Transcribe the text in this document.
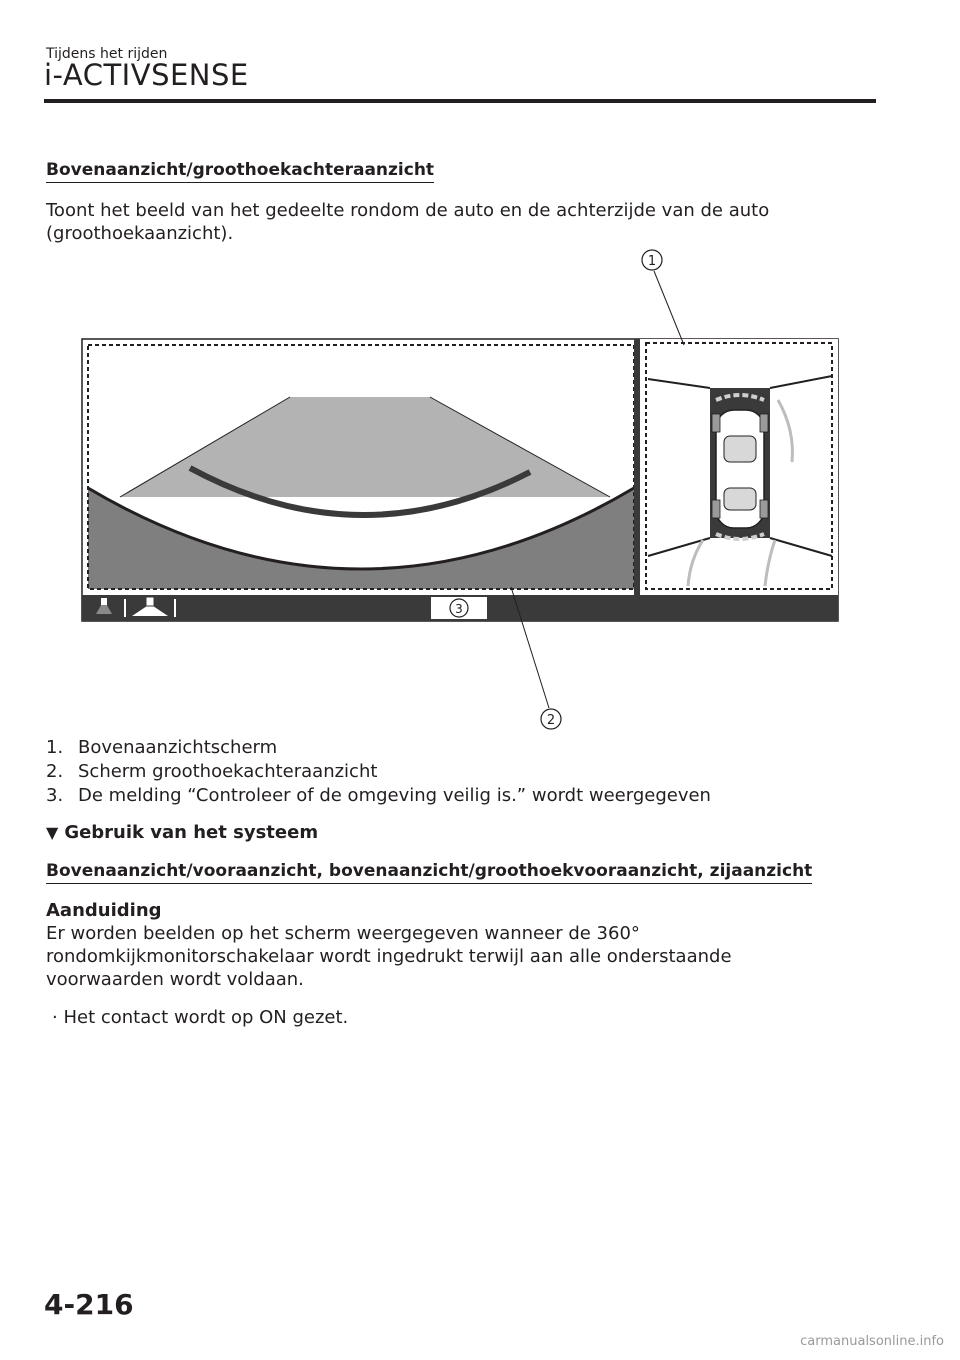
Tijdens het rijden
i-ACTIVSENSE
Bovenaanzicht/groothoekachteraanzicht
Toont het beeld van het gedeelte rondom de auto en de achterzijde van de auto
(groothoekaanzicht).
1
2
3
1. Bovenaanzichtscherm
2. Scherm groothoekachteraanzicht
3. De melding “Controleer of de omgeving veilig is.” wordt weergegeven
▼ Gebruik van het systeem
Bovenaanzicht/vooraanzicht, bovenaanzicht/groothoekvooraanzicht, zijaanzicht
Aanduiding
Er worden beelden op het scherm weergegeven wanneer de 360°
rondomkijkmonitorschakelaar wordt ingedrukt terwijl aan alle onderstaande
voorwaarden wordt voldaan.
· Het contact wordt op ON gezet.
4-216
carmanualsonline.info
